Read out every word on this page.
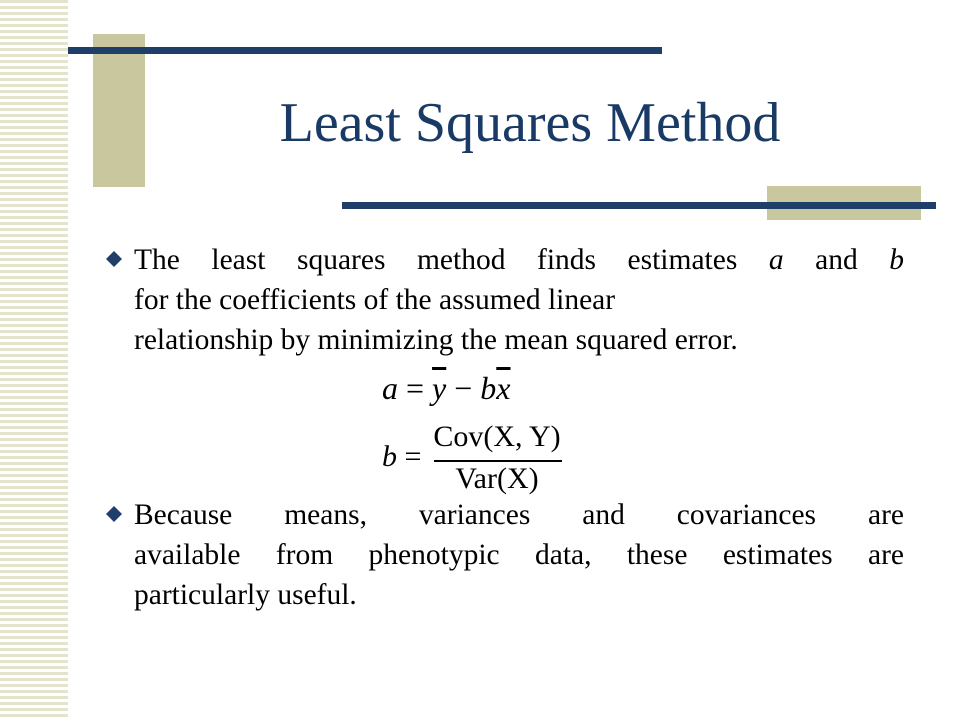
Least Squares Method
The least squares method finds estimates a and b
for the coefficients of the assumed linear
relationship by minimizing the mean squared error.
$a = \overline{y} - b\overline{x}$
b =
Cov(X, Y)
Var(X)
Because means, variances and covariances are
available from phenotypic data, these estimates are
particularly useful.
